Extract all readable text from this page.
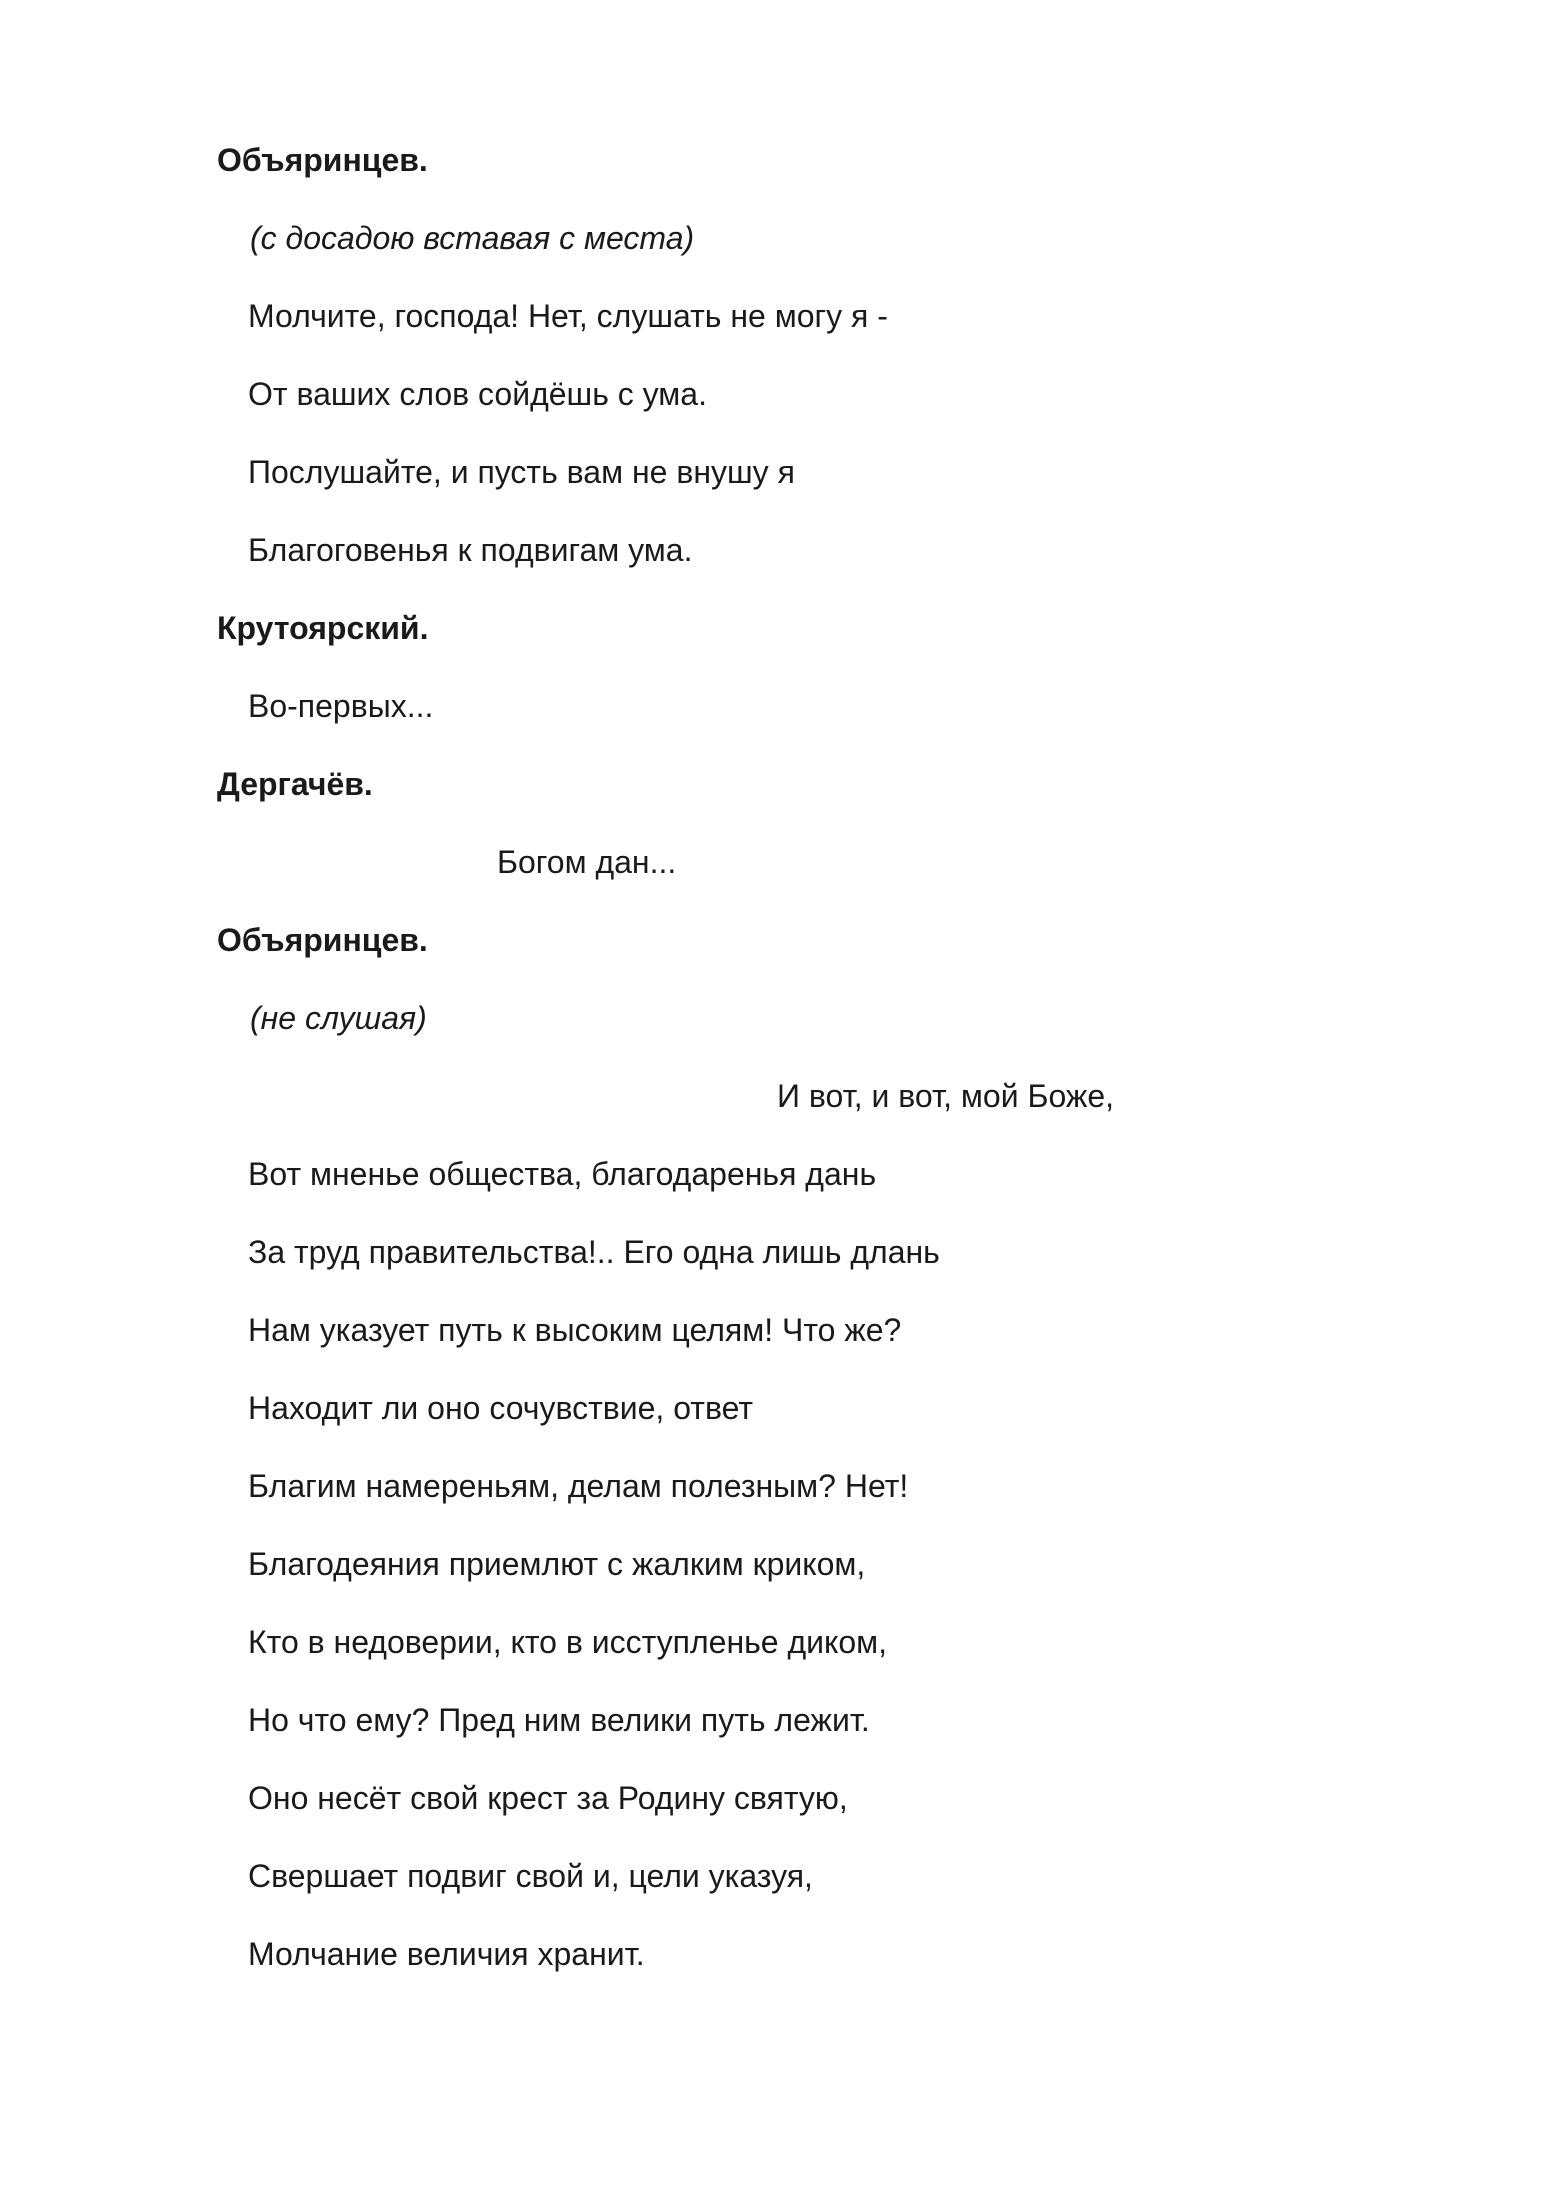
Объяринцев.

(с досадою вставая с места)

Молчите, господа! Нет, слушать не могу я -

От ваших слов сойдёшь с ума.

Послушайте, и пусть вам не внушу я

Благоговенья к подвигам ума.

Крутоярский.

Во-первых...

Дергачёв.

Богом дан...

Объяринцев.

(не слушая)

И вот, и вот, мой Боже,

Вот мненье общества, благодаренья дань

За труд правительства!.. Его одна лишь длань

Нам указует путь к высоким целям! Что же?

Находит ли оно сочувствие, ответ

Благим намереньям, делам полезным? Нет!

Благодеяния приемлют с жалким криком,

Кто в недоверии, кто в исступленье диком,

Но что ему? Пред ним велики путь лежит.

Оно несёт свой крест за Родину святую,

Свершает подвиг свой и, цели указуя,

Молчание величия хранит.
